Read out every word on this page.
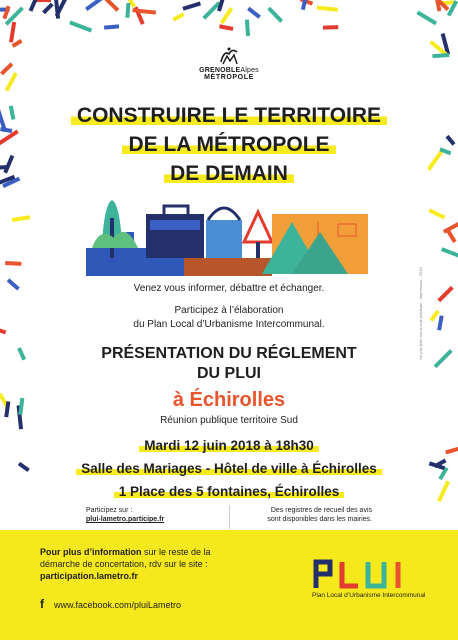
GRENOBLEAlpes
MÉTROPOLE
CONSTRUIRE LE TERRITOIRE
DE LA MÉTROPOLE
DE DEMAIN
Venez vous informer, débattre et échanger.
Participez à l’élaboration
du Plan Local d’Urbanisme Intercommunal.
PRÉSENTATION DU RÉGLEMENT
DU PLUI
à Échirolles
Réunion publique territoire Sud
Mardi 12 juin 2018 à 18h30
Salle des Mariages - Hôtel de ville à Échirolles
1 Place des 5 fontaines, Échirolles
Participez sur :
plui-lametro.participe.fr
Des registres de recueil des avis
sont disponibles dans les mairies.
Ne pas jeter sur la voie publique - Impression - 2018
Pour plus d’information sur le reste de la
démarche de concertation, rdv sur le site :
participation.lametro.fr
f www.facebook.com/pluiLametro
Plan Local d’Urbanisme Intercommunal
